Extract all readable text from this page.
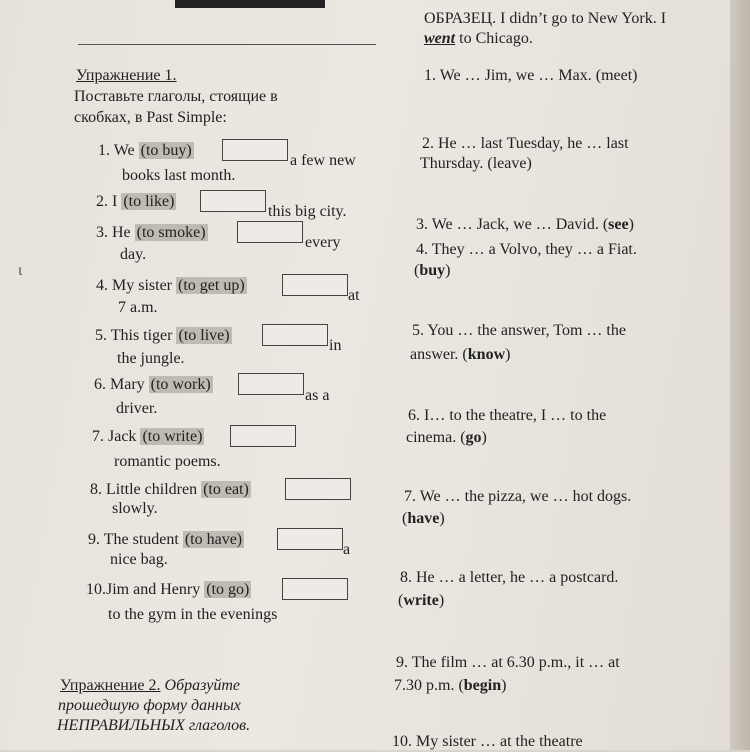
ι
Упражнение 1.
Поставьте глаголы, стоящие в
скобках, в Past Simple:
1. We (to buy)
a few new
books last month.
2. I (to like)
this big city.
3. He (to smoke)
every
day.
4. My sister (to get up)
at
7 a.m.
5. This tiger (to live)
in
the jungle.
6. Mary (to work)
as a
driver.
7. Jack (to write)
romantic poems.
8. Little children (to eat)
slowly.
9. The student (to have)
a
nice bag.
10.Jim and Henry (to go)
to the gym in the evenings
Упражнение 2. Образуйте
прошедшую форму данных
НЕПРАВИЛЬНЫХ глаголов.
ОБРАЗЕЦ. I didn’t go to New York. I
went to Chicago.
1. We … Jim, we … Max. (meet)
2. He … last Tuesday, he … last
Thursday. (leave)
3. We … Jack, we … David. (see)
4. They … a Volvo, they … a Fiat.
(buy)
5. You … the answer, Tom … the
answer. (know)
6. I… to the theatre, I … to the
cinema. (go)
7. We … the pizza, we … hot dogs.
(have)
8. He … a letter, he … a postcard.
(write)
9. The film … at 6.30 p.m., it … at
7.30 p.m. (begin)
10. My sister … at the theatre
